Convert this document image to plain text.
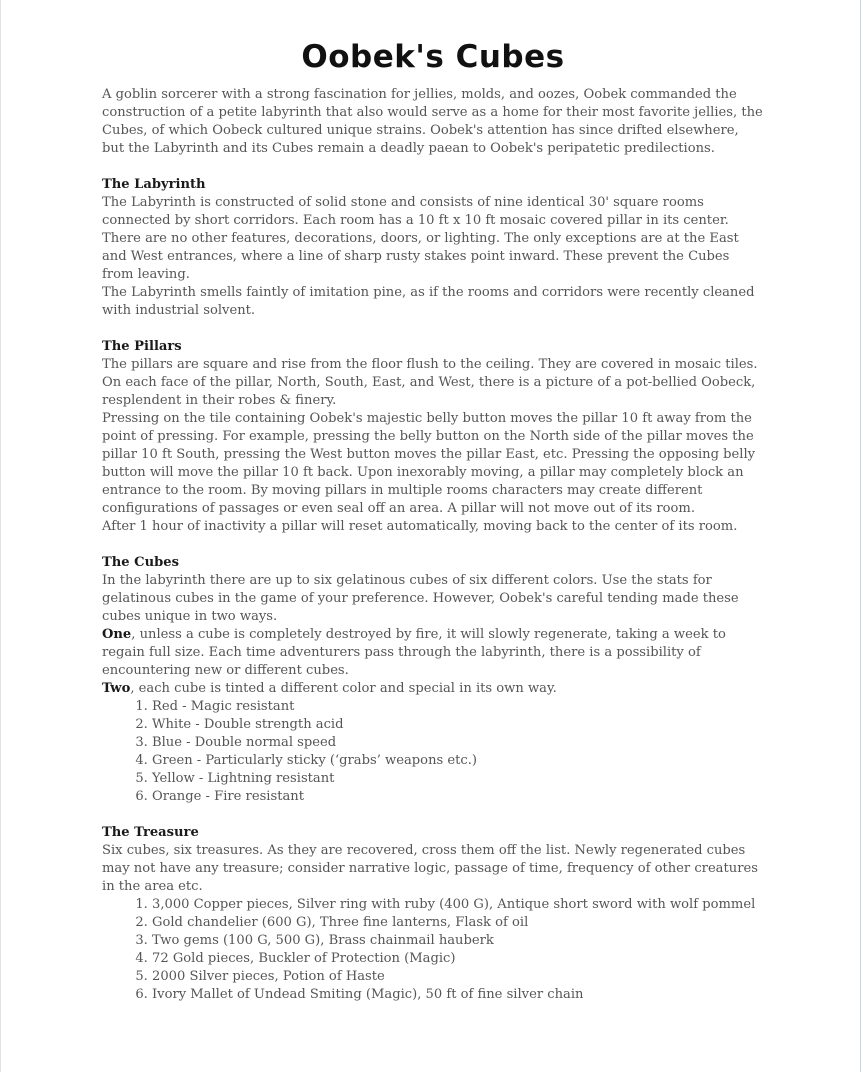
Oobek's Cubes

A goblin sorcerer with a strong fascination for jellies, molds, and oozes, Oobek commanded the construction of a petite labyrinth that also would serve as a home for their most favorite jellies, the Cubes, of which Oobeck cultured unique strains. Oobek's attention has since drifted elsewhere, but the Labyrinth and its Cubes remain a deadly paean to Oobek's peripatetic predilections.

The Labyrinth

The Labyrinth is constructed of solid stone and consists of nine identical 30' square rooms connected by short corridors. Each room has a 10 ft x 10 ft mosaic covered pillar in its center. There are no other features, decorations, doors, or lighting. The only exceptions are at the East and West entrances, where a line of sharp rusty stakes point inward. These prevent the Cubes from leaving.

The Labyrinth smells faintly of imitation pine, as if the rooms and corridors were recently cleaned with industrial solvent.

The Pillars

The pillars are square and rise from the floor flush to the ceiling. They are covered in mosaic tiles. On each face of the pillar, North, South, East, and West, there is a picture of a pot-bellied Oobeck, resplendent in their robes & finery.

Pressing on the tile containing Oobek's majestic belly button moves the pillar 10 ft away from the point of pressing. For example, pressing the belly button on the North side of the pillar moves the pillar 10 ft South, pressing the West button moves the pillar East, etc. Pressing the opposing belly button will move the pillar 10 ft back. Upon inexorably moving, a pillar may completely block an entrance to the room. By moving pillars in multiple rooms characters may create different configurations of passages or even seal off an area. A pillar will not move out of its room.

After 1 hour of inactivity a pillar will reset automatically, moving back to the center of its room.

The Cubes

In the labyrinth there are up to six gelatinous cubes of six different colors. Use the stats for gelatinous cubes in the game of your preference. However, Oobek's careful tending made these cubes unique in two ways.

One, unless a cube is completely destroyed by fire, it will slowly regenerate, taking a week to regain full size. Each time adventurers pass through the labyrinth, there is a possibility of encountering new or different cubes.

Two, each cube is tinted a different color and special in its own way.

1. Red - Magic resistant
2. White - Double strength acid
3. Blue - Double normal speed
4. Green - Particularly sticky (‘grabs’ weapons etc.)
5. Yellow - Lightning resistant
6. Orange - Fire resistant
The Treasure

Six cubes, six treasures. As they are recovered, cross them off the list. Newly regenerated cubes may not have any treasure; consider narrative logic, passage of time, frequency of other creatures in the area etc.

1. 3,000 Copper pieces, Silver ring with ruby (400 G), Antique short sword with wolf pommel
2. Gold chandelier (600 G), Three fine lanterns, Flask of oil
3. Two gems (100 G, 500 G), Brass chainmail hauberk
4. 72 Gold pieces, Buckler of Protection (Magic)
5. 2000 Silver pieces, Potion of Haste
6. Ivory Mallet of Undead Smiting (Magic), 50 ft of fine silver chain
